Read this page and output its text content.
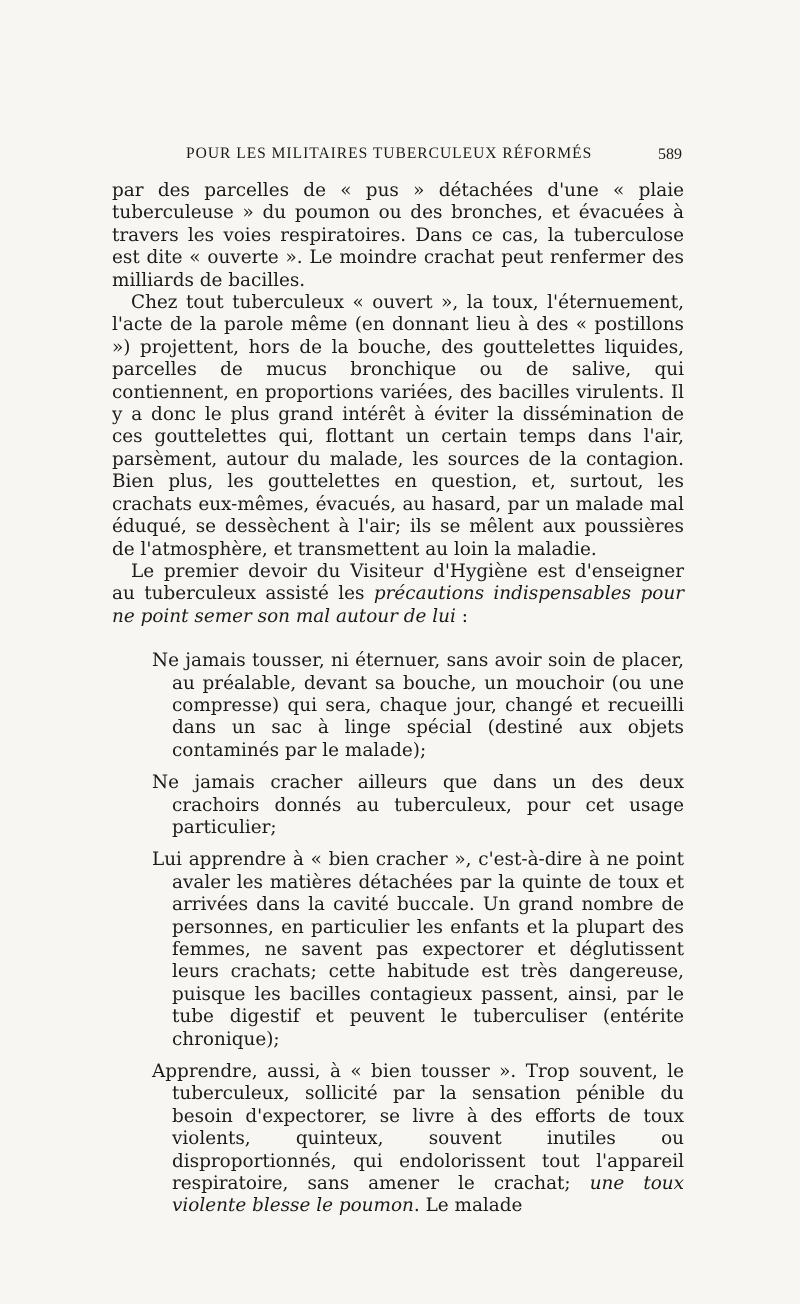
POUR LES MILITAIRES TUBERCULEUX RÉFORMÉS	589

par des parcelles de « pus » détachées d'une « plaie tuberculeuse » du poumon ou des bronches, et évacuées à travers les voies respiratoires. Dans ce cas, la tuberculose est dite « ouverte ». Le moindre crachat peut renfermer des milliards de bacilles.

Chez tout tuberculeux « ouvert », la toux, l'éternuement, l'acte de la parole même (en donnant lieu à des « postillons ») projettent, hors de la bouche, des gouttelettes liquides, parcelles de mucus bronchique ou de salive, qui contiennent, en proportions variées, des bacilles virulents. Il y a donc le plus grand intérêt à éviter la dissémination de ces gouttelettes qui, flottant un certain temps dans l'air, parsèment, autour du malade, les sources de la contagion. Bien plus, les gouttelettes en question, et, surtout, les crachats eux-mêmes, évacués, au hasard, par un malade mal éduqué, se dessèchent à l'air; ils se mêlent aux poussières de l'atmosphère, et transmettent au loin la maladie.

Le premier devoir du Visiteur d'Hygiène est d'enseigner au tuberculeux assisté les précautions indispensables pour ne point semer son mal autour de lui :

Ne jamais tousser, ni éternuer, sans avoir soin de placer, au préalable, devant sa bouche, un mouchoir (ou une compresse) qui sera, chaque jour, changé et recueilli dans un sac à linge spécial (destiné aux objets contaminés par le malade);

Ne jamais cracher ailleurs que dans un des deux crachoirs donnés au tuberculeux, pour cet usage particulier;

Lui apprendre à « bien cracher », c'est-à-dire à ne point avaler les matières détachées par la quinte de toux et arrivées dans la cavité buccale. Un grand nombre de personnes, en particulier les enfants et la plupart des femmes, ne savent pas expectorer et déglutissent leurs crachats; cette habitude est très dangereuse, puisque les bacilles contagieux passent, ainsi, par le tube digestif et peuvent le tuberculiser (entérite chronique);

Apprendre, aussi, à « bien tousser ». Trop souvent, le tuberculeux, sollicité par la sensation pénible du besoin d'expectorer, se livre à des efforts de toux violents, quinteux, souvent inutiles ou disproportionnés, qui endolorissent tout l'appareil respiratoire, sans amener le crachat; une toux violente blesse le poumon. Le malade
